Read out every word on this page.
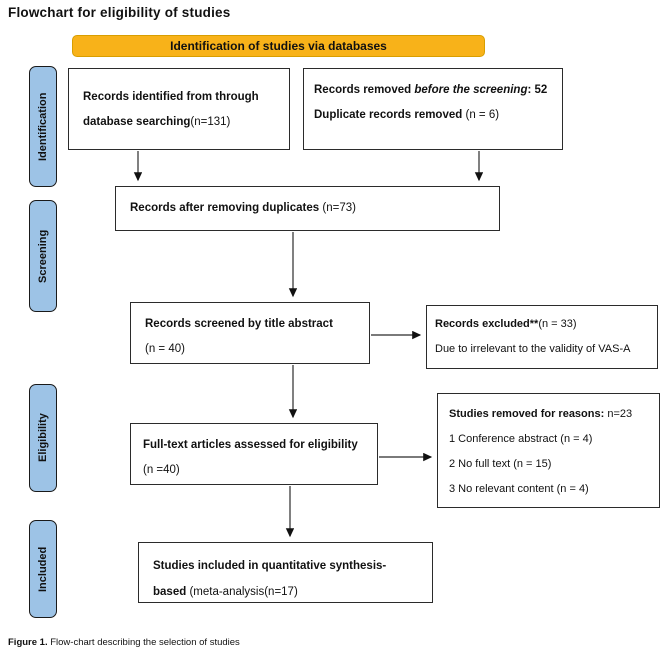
Flowchart for eligibility of studies
Identification of studies via databases
Identification
Screening
Eligibility
Included
Records identified from through
database searching(n=131)
Records removed before the screening: 52
Duplicate records removed (n = 6)
Records after removing duplicates (n=73)
Records screened by title abstract
(n = 40)
Records excluded**(n = 33)
Due to irrelevant to the validity of VAS-A
Full-text articles assessed for eligibility
(n =40)
Studies removed for reasons: n=23
1 Conference abstract (n = 4)
2 No full text (n = 15)
3 No relevant content (n = 4)
Studies included in quantitative synthesis-
based (meta-analysis(n=17)
Figure 1. Flow-chart describing the selection of studies
